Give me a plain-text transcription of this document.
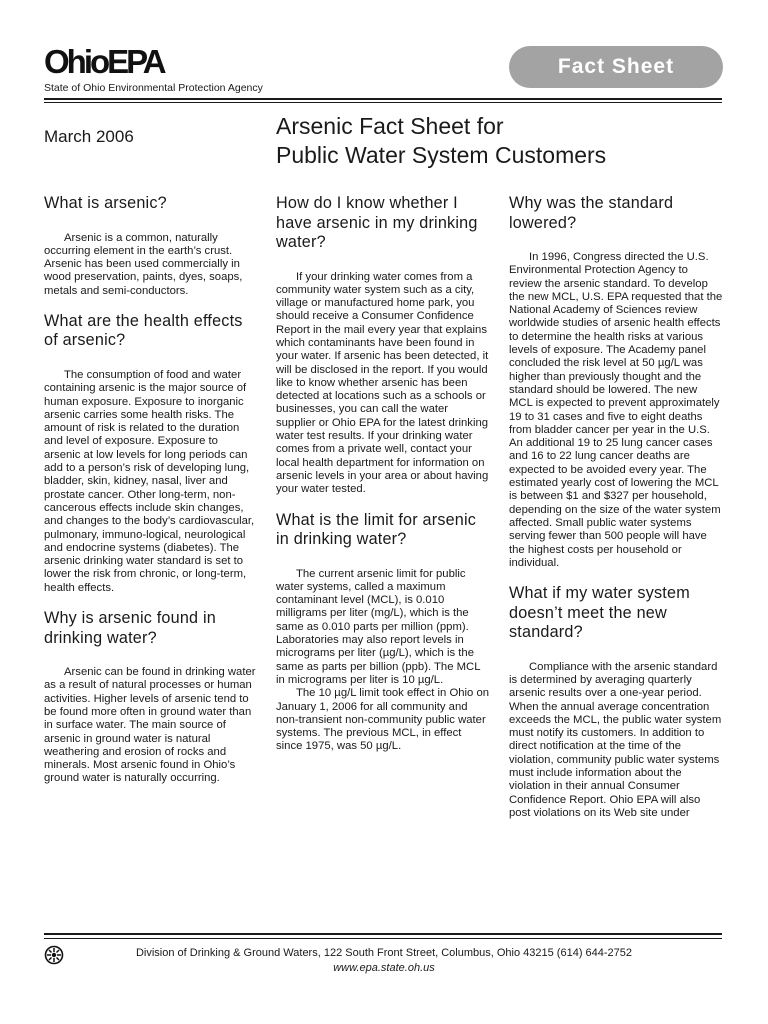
OhioEPA
State of Ohio Environmental Protection Agency
Fact Sheet
March 2006	Arsenic Fact Sheet for
Public Water System Customers
What is arsenic?

Arsenic is a common, naturally occurring element in the earth’s crust. Arsenic has been used commercially in wood preservation, paints, dyes, soaps, metals and semi-conductors.

What are the health effects of arsenic?

The consumption of food and water containing arsenic is the major source of human exposure. Exposure to inorganic arsenic carries some health risks. The amount of risk is related to the duration and level of exposure. Exposure to arsenic at low levels for long periods can add to a person’s risk of developing lung, bladder, skin, kidney, nasal, liver and prostate cancer. Other long-term, non-cancerous effects include skin changes, and changes to the body’s cardiovascular, pulmonary, immuno-logical, neurological and endocrine systems (diabetes). The arsenic drinking water standard is set to lower the risk from chronic, or long-term, health effects.

Why is arsenic found in drinking water?

Arsenic can be found in drinking water as a result of natural processes or human activities. Higher levels of arsenic tend to be found more often in ground water than in surface water. The main source of arsenic in ground water is natural weathering and erosion of rocks and minerals. Most arsenic found in Ohio’s ground water is naturally occurring.

How do I know whether I have arsenic in my drinking water?

If your drinking water comes from a community water system such as a city, village or manufactured home park, you should receive a Consumer Confidence Report in the mail every year that explains which contaminants have been found in your water. If arsenic has been detected, it will be disclosed in the report. If you would like to know whether arsenic has been detected at locations such as a schools or businesses, you can call the water supplier or Ohio EPA for the latest drinking water test results. If your drinking water comes from a private well, contact your local health department for information on arsenic levels in your area or about having your water tested.

What is the limit for arsenic in drinking water?

The current arsenic limit for public water systems, called a maximum contaminant level (MCL), is 0.010 milligrams per liter (mg/L), which is the same as 0.010 parts per million (ppm). Laboratories may also report levels in micrograms per liter (µg/L), which is the same as parts per billion (ppb). The MCL in micrograms per liter is 10 µg/L.

The 10 µg/L limit took effect in Ohio on January 1, 2006 for all community and non-transient non-community public water systems. The previous MCL, in effect since 1975, was 50 µg/L.

Why was the standard lowered?

In 1996, Congress directed the U.S. Environmental Protection Agency to review the arsenic standard. To develop the new MCL, U.S. EPA requested that the National Academy of Sciences review worldwide studies of arsenic health effects to determine the health risks at various levels of exposure. The Academy panel concluded the risk level at 50 µg/L was higher than previously thought and the standard should be lowered. The new MCL is expected to prevent approximately 19 to 31 cases and five to eight deaths from bladder cancer per year in the U.S. An additional 19 to 25 lung cancer cases and 16 to 22 lung cancer deaths are expected to be avoided every year. The estimated yearly cost of lowering the MCL is between $1 and $327 per household, depending on the size of the water system affected. Small public water systems serving fewer than 500 people will have the highest costs per household or individual.

What if my water system doesn’t meet the new standard?

Compliance with the arsenic standard is determined by averaging quarterly arsenic results over a one-year period. When the annual average concentration exceeds the MCL, the public water system must notify its customers. In addition to direct notification at the time of the violation, community public water systems must include information about the violation in their annual Consumer Confidence Report. Ohio EPA will also post violations on its Web site under

Division of Drinking & Ground Waters, 122 South Front Street, Columbus, Ohio 43215 (614) 644-2752
www.epa.state.oh.us
